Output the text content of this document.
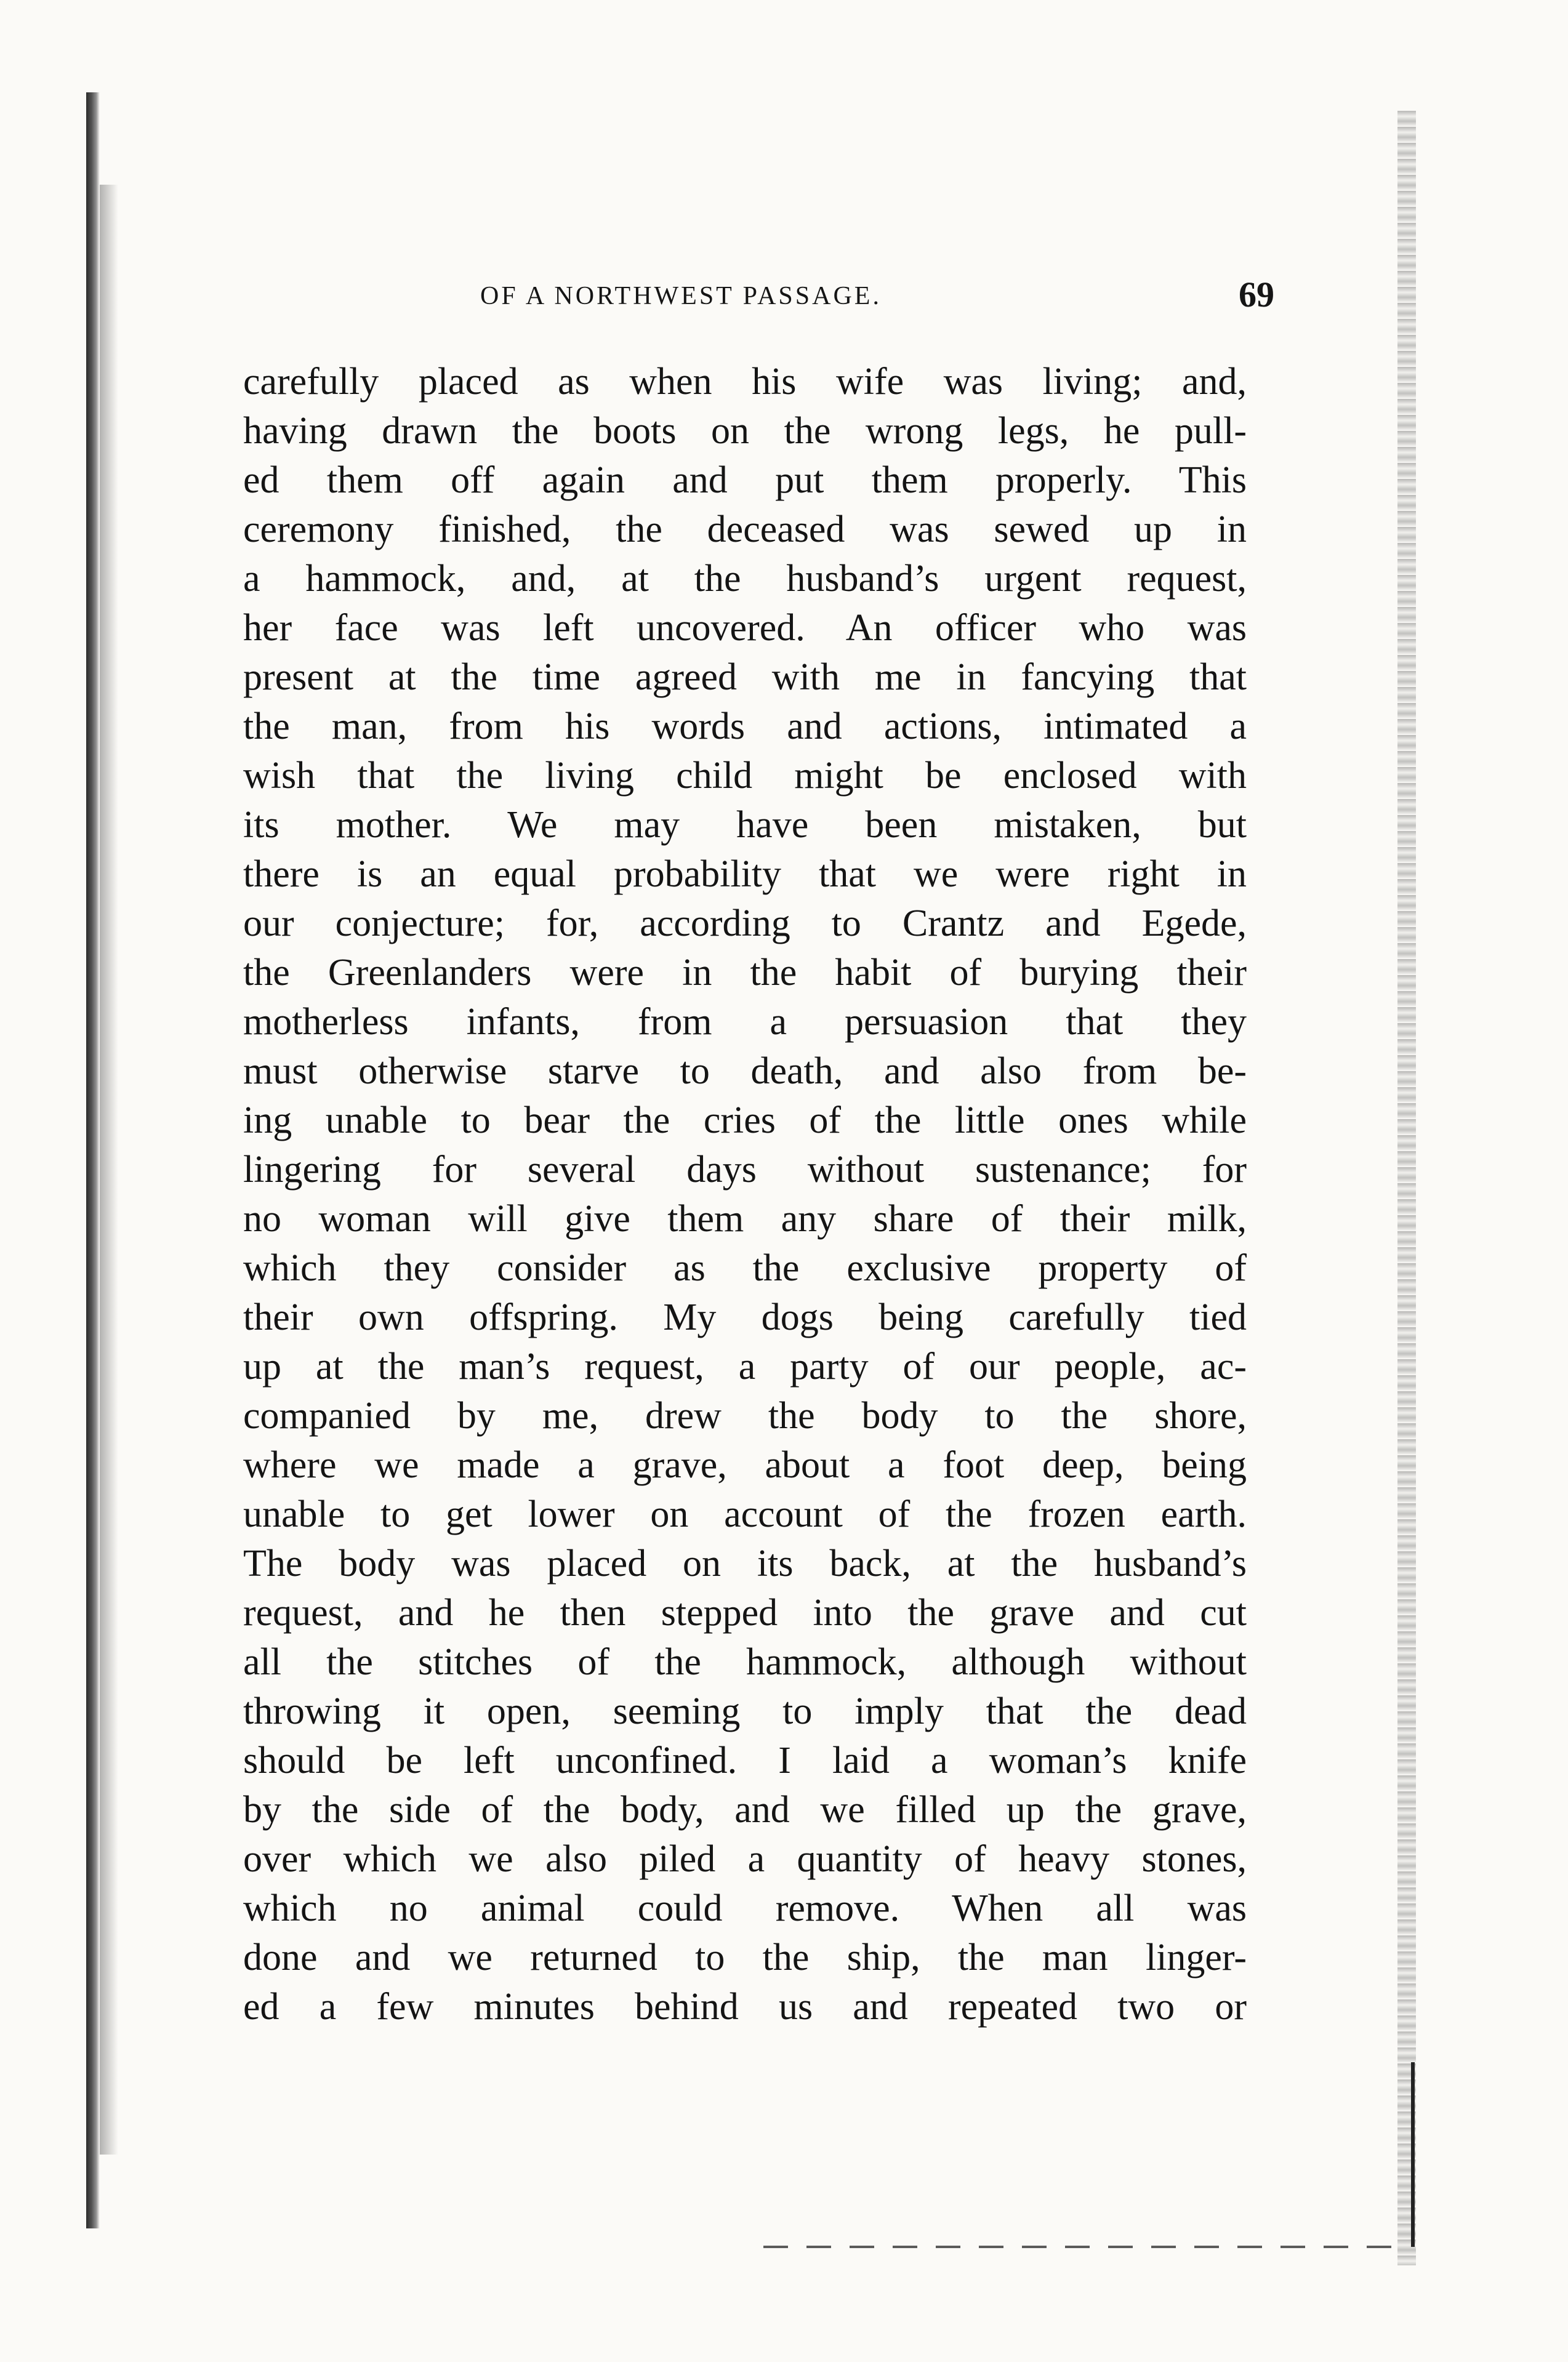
OF A NORTHWEST PASSAGE.	69
carefully placed as when his wife was living; and,
having drawn the boots on the wrong legs, he pull-
ed them off again and put them properly. This
ceremony finished, the deceased was sewed up in
a hammock, and, at the husband’s urgent request,
her face was left uncovered. An officer who was
present at the time agreed with me in fancying that
the man, from his words and actions, intimated a
wish that the living child might be enclosed with
its mother. We may have been mistaken, but
there is an equal probability that we were right in
our conjecture; for, according to Crantz and Egede,
the Greenlanders were in the habit of burying their
motherless infants, from a persuasion that they
must otherwise starve to death, and also from be-
ing unable to bear the cries of the little ones while
lingering for several days without sustenance; for
no woman will give them any share of their milk,
which they consider as the exclusive property of
their own offspring. My dogs being carefully tied
up at the man’s request, a party of our people, ac-
companied by me, drew the body to the shore,
where we made a grave, about a foot deep, being
unable to get lower on account of the frozen earth.
The body was placed on its back, at the husband’s
request, and he then stepped into the grave and cut
all the stitches of the hammock, although without
throwing it open, seeming to imply that the dead
should be left unconfined. I laid a woman’s knife
by the side of the body, and we filled up the grave,
over which we also piled a quantity of heavy stones,
which no animal could remove. When all was
done and we returned to the ship, the man linger-
ed a few minutes behind us and repeated two or
